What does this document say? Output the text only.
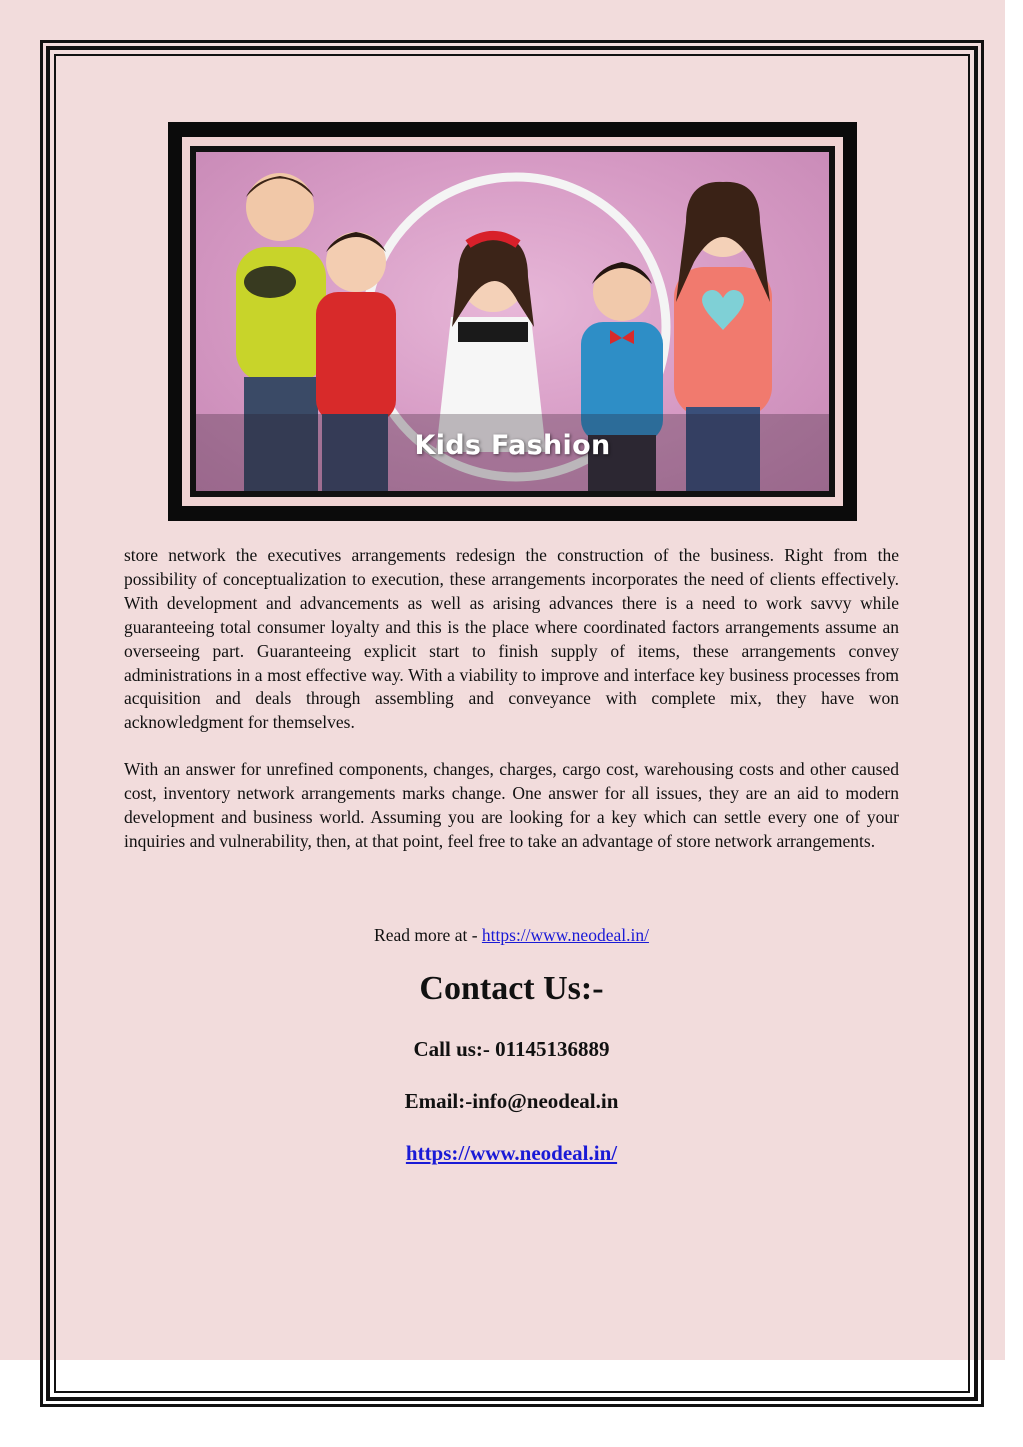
Kids Fashion

store network the executives arrangements redesign the construction of the business. Right from the possibility of conceptualization to execution, these arrangements incorporates the need of clients effectively. With development and advancements as well as arising advances there is a need to work savvy while guaranteeing total consumer loyalty and this is the place where coordinated factors arrangements assume an overseeing part. Guaranteeing explicit start to finish supply of items, these arrangements convey administrations in a most effective way. With a viability to improve and interface key business processes from acquisition and deals through assembling and conveyance with complete mix, they have won acknowledgment for themselves.

With an answer for unrefined components, changes, charges, cargo cost, warehousing costs and other caused cost, inventory network arrangements marks change. One answer for all issues, they are an aid to modern development and business world. Assuming you are looking for a key which can settle every one of your inquiries and vulnerability, then, at that point, feel free to take an advantage of store network arrangements.

Read more at - https://www.neodeal.in/
Contact Us:-
Call us:- 01145136889
Email:-info@neodeal.in
https://www.neodeal.in/
